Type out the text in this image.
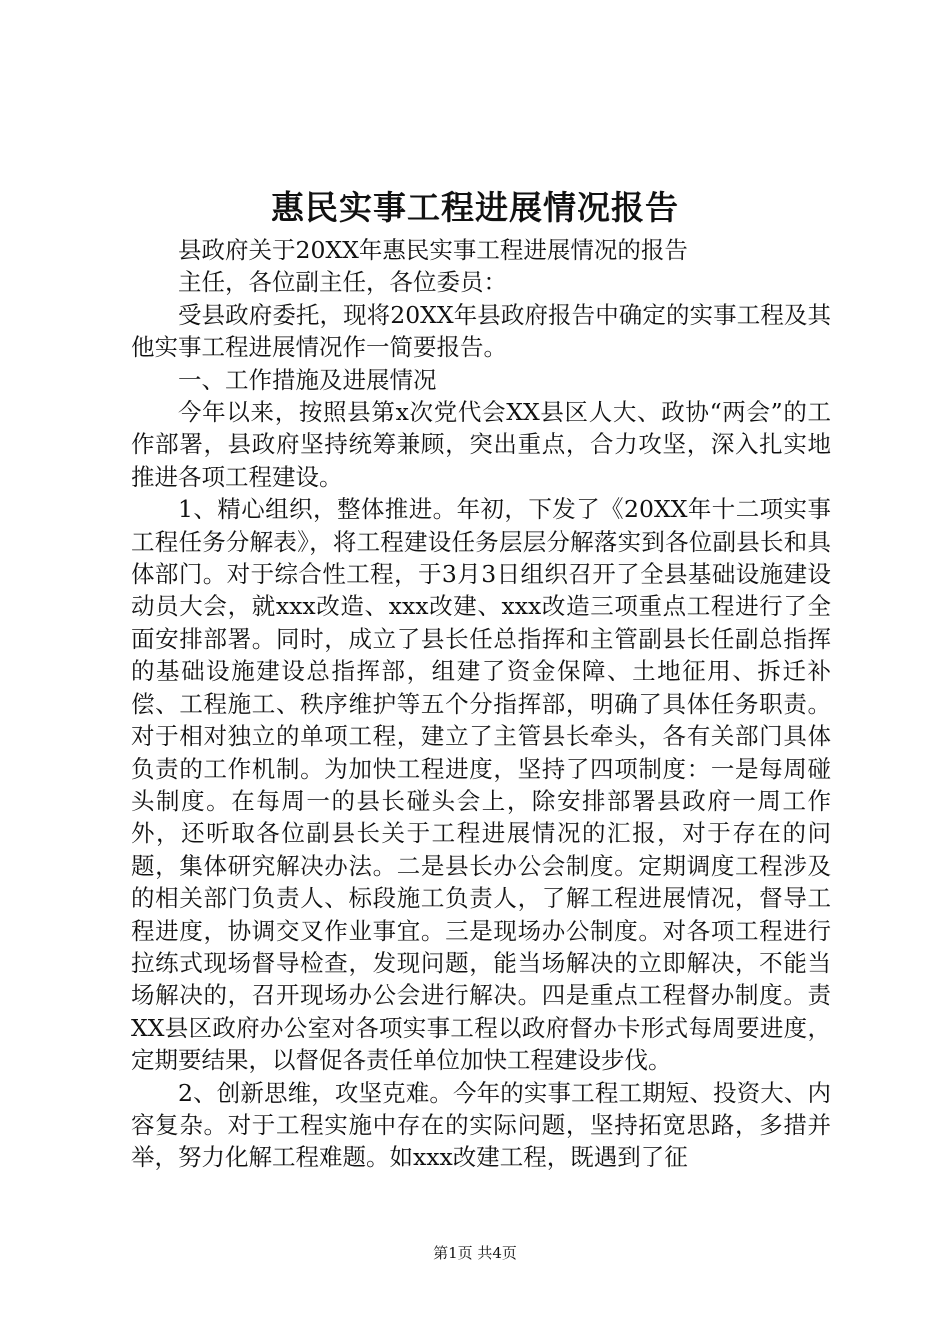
惠民实事工程进展情况报告

县政府关于20XX年惠民实事工程进展情况的报告

主任，各位副主任，各位委员：

受县政府委托，现将20XX年县政府报告中确定的实事工程及其他实事工程进展情况作一简要报告。

一、工作措施及进展情况

今年以来，按照县第x次党代会XX县区人大、政协“两会”的工作部署，县政府坚持统筹兼顾，突出重点，合力攻坚，深入扎实地推进各项工程建设。

1、精心组织，整体推进。年初，下发了《20XX年十二项实事工程任务分解表》，将工程建设任务层层分解落实到各位副县长和具体部门。对于综合性工程，于3月3日组织召开了全县基础设施建设动员大会，就xxx改造、xxx改建、xxx改造三项重点工程进行了全面安排部署。同时，成立了县长任总指挥和主管副县长任副总指挥的基础设施建设总指挥部，组建了资金保障、土地征用、拆迁补偿、工程施工、秩序维护等五个分指挥部，明确了具体任务职责。对于相对独立的单项工程，建立了主管县长牵头，各有关部门具体负责的工作机制。为加快工程进度，坚持了四项制度：一是每周碰头制度。在每周一的县长碰头会上，除安排部署县政府一周工作外，还听取各位副县长关于工程进展情况的汇报，对于存在的问题，集体研究解决办法。二是县长办公会制度。定期调度工程涉及的相关部门负责人、标段施工负责人，了解工程进展情况，督导工程进度，协调交叉作业事宜。三是现场办公制度。对各项工程进行拉练式现场督导检查，发现问题，能当场解决的立即解决，不能当场解决的，召开现场办公会进行解决。四是重点工程督办制度。责XX县区政府办公室对各项实事工程以政府督办卡形式每周要进度，定期要结果，以督促各责任单位加快工程建设步伐。

2、创新思维，攻坚克难。今年的实事工程工期短、投资大、内容复杂。对于工程实施中存在的实际问题，坚持拓宽思路，多措并举，努力化解工程难题。如xxx改建工程，既遇到了征

第1页 共4页
